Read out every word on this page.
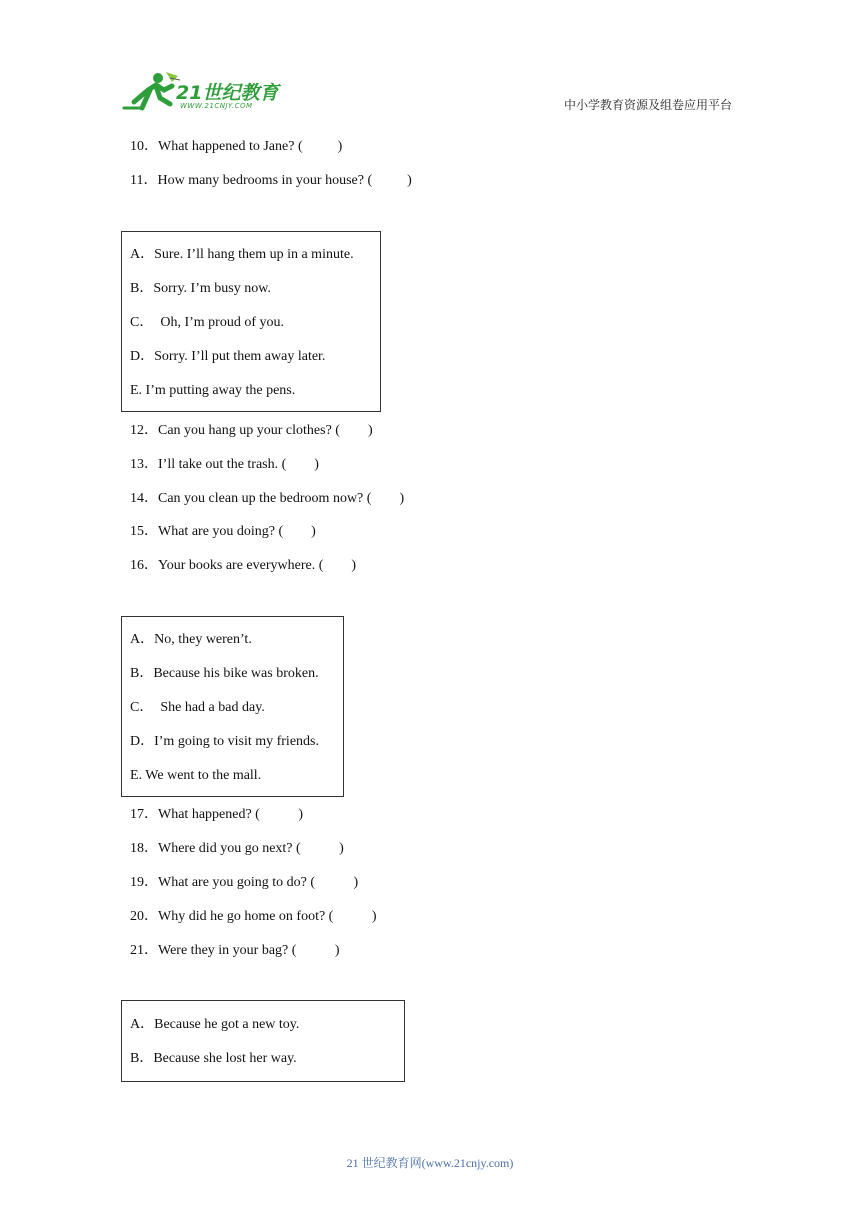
21世纪教育
WWW.21CNJY.COM	中小学教育资源及组卷应用平台
10．What happened to Jane? (          )
11．How many bedrooms in your house? (          )
A．Sure. I’ll hang them up in a minute.
B．Sorry. I’m busy now.
C．  Oh, I’m proud of you.
D．Sorry. I’ll put them away later.
E. I’m putting away the pens.
12．Can you hang up your clothes? (        )
13．I’ll take out the trash. (        )
14．Can you clean up the bedroom now? (        )
15．What are you doing? (        )
16．Your books are everywhere. (        )
A．No, they weren’t.
B．Because his bike was broken.
C．  She had a bad day.
D．I’m going to visit my friends.
E. We went to the mall.
17．What happened? (           )
18．Where did you go next? (           )
19．What are you going to do? (           )
20．Why did he go home on foot? (           )
21．Were they in your bag? (           )
A．Because he got a new toy.
B．Because she lost her way.
21 世纪教育网(www.21cnjy.com)
